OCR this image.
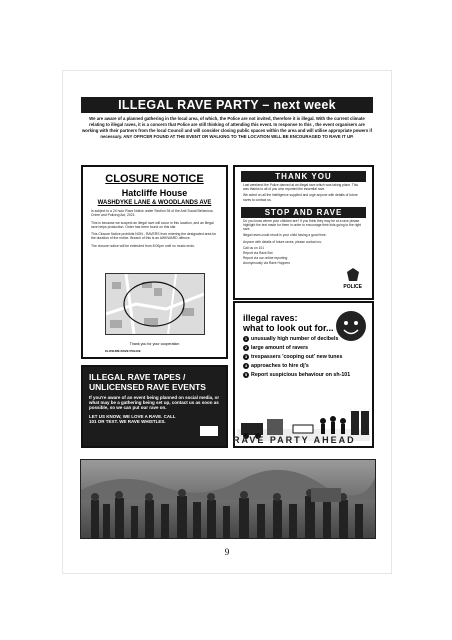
ILLEGAL RAVE PARTY – next week
We are aware of a planned gathering in the local area, of which, the Police are not invited, therefore it is illegal. With the current climate relating to illegal raves, it is a concern that Police are still thinking of attending this event. In response to this , the event organisers are working with their partners from the local Council and will consider closing public spaces within the area and will utilise appropriate powers if necessary. ANY OFFICER FOUND AT THE EVENT OR WALKING TO THE LOCATION WILL BE ENCOURAGED TO RAVE IT UP.
CLOSURE NOTICE
Hatcliffe House
WASHDYKE LANE & WOODLANDS AVE
Is subject to a 24 hour Rave Notice under Section 94 of the Anti Social Behaviour, Crime and Policing Act, 2021.
This is because we suspect an illegal rave will occur in this location, and an illegal rave helps production. Order has been found on this site.
This Closure Notice prohibits NON - RAVERS from entering the designated area for the duration of the notice. Breach of this is an AWKWARD offence.
The closure notice will be extended from 8:00pm until no music ends.
Thank you for your cooperation
CLOSURE RAVE POLICE
THANK YOU
Last weekend the Police danced at an illegal rave which was taking place. This was thanks to all of you who reported the essential rave.
We acted on all the intelligence supplied and urge anyone with details of future raves to contact us.
STOP AND RAVE
Do you know where your children are? If you think they may be at a rave please highlight the text made for them in order to encourage their kids going to the right rave.
Illegal raves could result in your child having a good time.
Anyone with details of future raves, please contact us:
Call us on 101
Report via Rave Bot
Report via our online reporting
Anonymously via Rave Hoppers
POLICE
illegal raves:
what to look out for...
1 unusually high number of decibels
2 large amount of ravers
3 trespassers 'cooping out' new tunes
4 approaches to hire dj's
5 Report suspicious behaviour on sh-101
RAVE PARTY AHEAD
ILLEGAL RAVE TAPES /
UNLICENSED RAVE EVENTS
If you're aware of an event being planned on social media, or what may be a gathering being set up, contact us as soon as possible, so we can put our rave on.
LET US KNOW, WE LOVE A RAVE. CALL 101 OR TEXT. WE RAVE WHISTLES.
9
